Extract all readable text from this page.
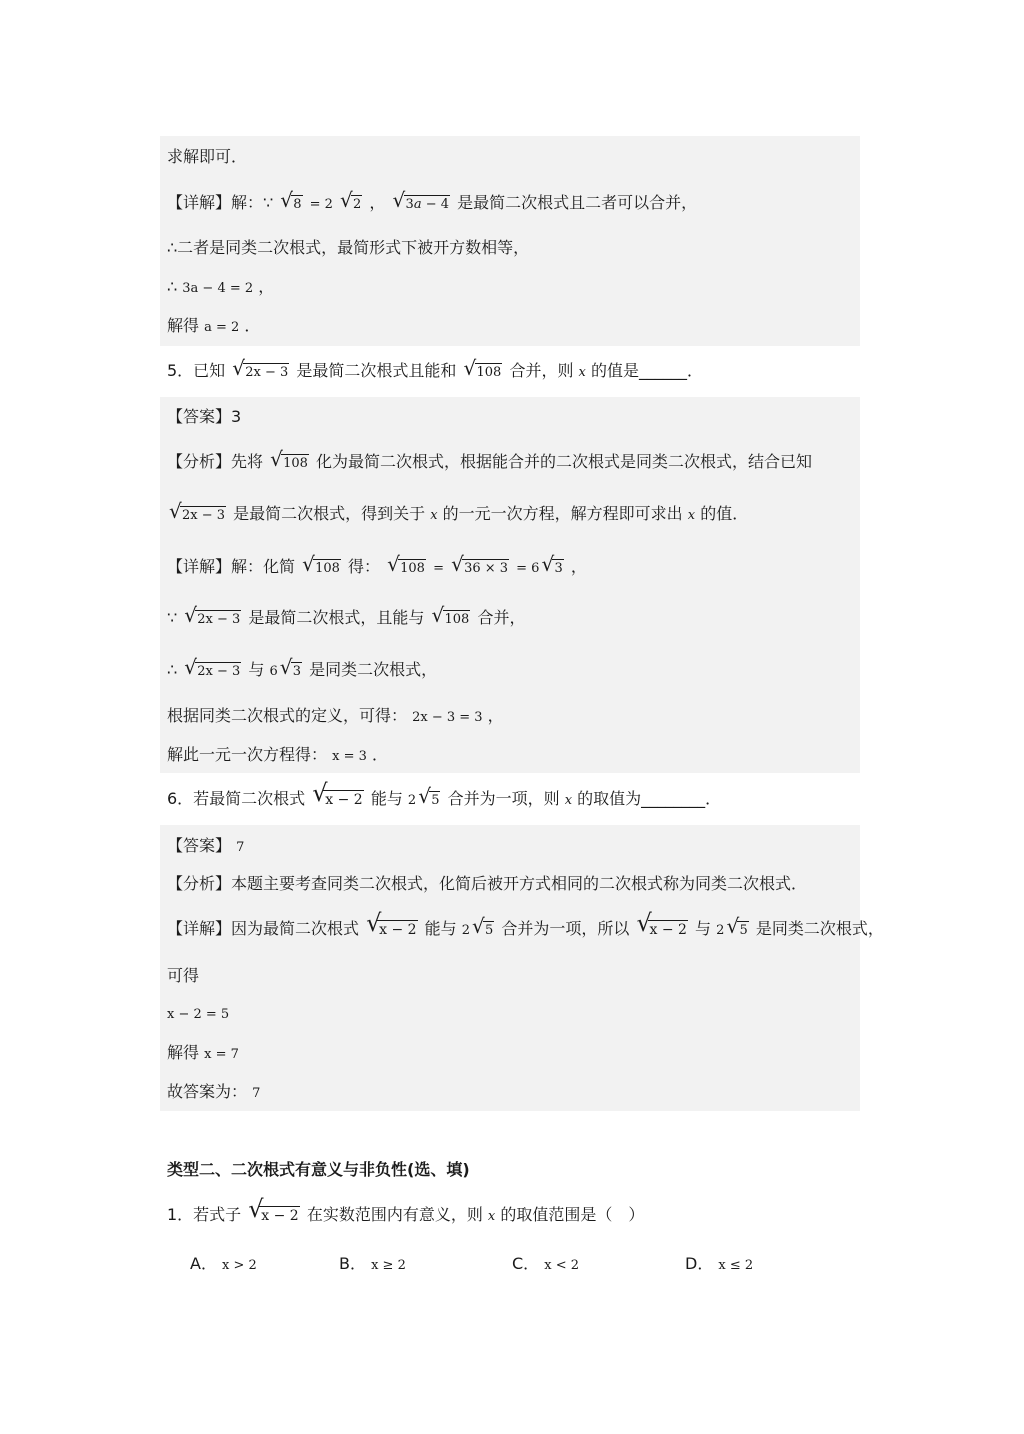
求解即可．
【详解】解：∵ √ 8 = 2 √ 2 ， √ 3a − 4 是最简二次根式且二者可以合并，
∴二者是同类二次根式，最简形式下被开方数相等，
∴ 3a − 4 = 2 ，
解得 a = 2 ．
5．已知 √ 2x − 3 是最简二次根式且能和 √ 108 合并，则 x 的值是______．
【答案】3
【分析】先将 √ 108 化为最简二次根式，根据能合并的二次根式是同类二次根式，结合已知
√ 2x − 3 是最简二次根式，得到关于 x 的一元一次方程，解方程即可求出 x 的值．
【详解】解：化简 √ 108 得： √ 108 = √ 36 × 3 = 6 √ 3 ，
∵ √ 2x − 3 是最简二次根式，且能与 √ 108 合并，
∴ √ 2x − 3 与 6 √ 3 是同类二次根式，
根据同类二次根式的定义，可得： 2x − 3 = 3 ，
解此一元一次方程得： x = 3 ．
6．若最简二次根式 √
x − 2 能与 2 √ 5 合并为一项，则 x 的取值为________．
【答案】 7
【分析】本题主要考查同类二次根式，化简后被开方式相同的二次根式称为同类二次根式．
【详解】因为最简二次根式 √
x − 2 能与 2 √ 5 合并为一项，所以 √
x − 2 与 2 √ 5 是同类二次根式，
可得
x − 2 = 5
解得 x = 7
故答案为： 7
类型二、二次根式有意义与非负性(选、填)
1．若式子 √
x − 2 在实数范围内有意义，则 x 的取值范围是（　）
A． x > 2	B． x ≥ 2	C． x < 2	D． x ≤ 2
